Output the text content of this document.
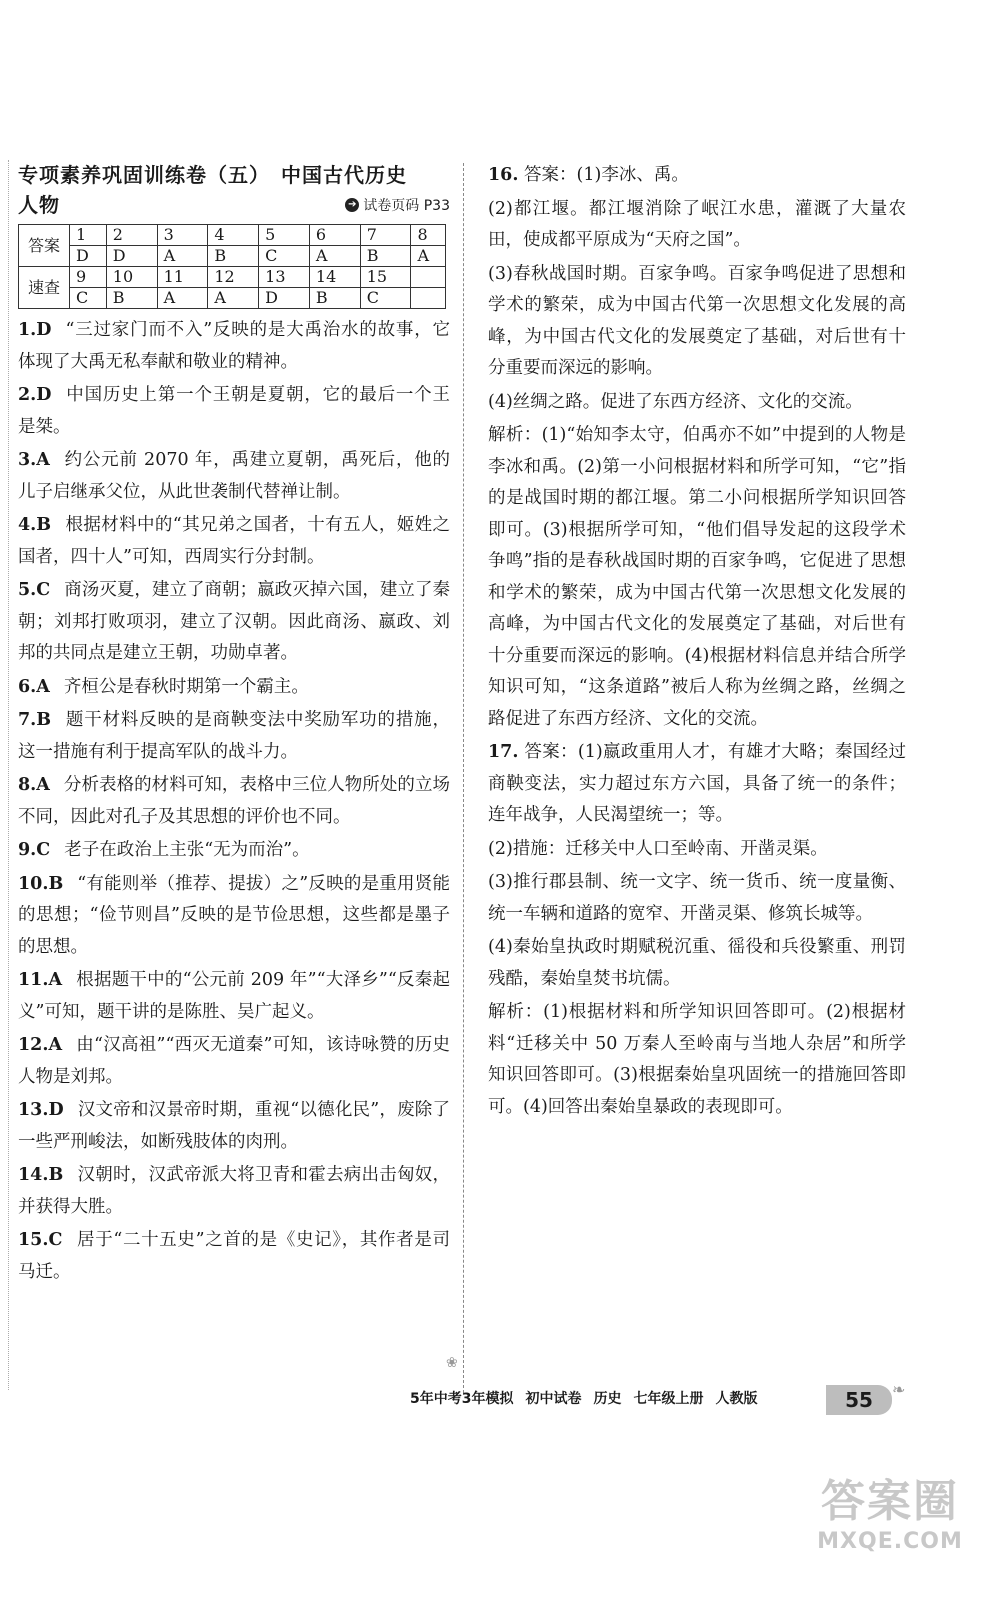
专项素养巩固训练卷（五）　中国古代历史
人物	➔ 试卷页码 P33
答案	1	2	3	4	5	6	7	8
	D	D	A	B	C	A	B	A
速查	9	10	11	12	13	14	15	
	C	B	A	A	D	B	C	

1.D “三过家门而不入”反映的是大禹治水的故事，它体现了大禹无私奉献和敬业的精神。

2.D 中国历史上第一个王朝是夏朝，它的最后一个王是桀。

3.A 约公元前 2070 年，禹建立夏朝，禹死后，他的儿子启继承父位，从此世袭制代替禅让制。

4.B 根据材料中的“其兄弟之国者，十有五人，姬姓之国者，四十人”可知，西周实行分封制。

5.C 商汤灭夏，建立了商朝；嬴政灭掉六国，建立了秦朝；刘邦打败项羽，建立了汉朝。因此商汤、嬴政、刘邦的共同点是建立王朝，功勋卓著。

6.A 齐桓公是春秋时期第一个霸主。

7.B 题干材料反映的是商鞅变法中奖励军功的措施，这一措施有利于提高军队的战斗力。

8.A 分析表格的材料可知，表格中三位人物所处的立场不同，因此对孔子及其思想的评价也不同。

9.C 老子在政治上主张“无为而治”。

10.B “有能则举（推荐、提拔）之”反映的是重用贤能的思想；“俭节则昌”反映的是节俭思想，这些都是墨子的思想。

11.A 根据题干中的“公元前 209 年”“大泽乡”“反秦起义”可知，题干讲的是陈胜、吴广起义。

12.A 由“汉高祖”“西灭无道秦”可知，该诗咏赞的历史人物是刘邦。

13.D 汉文帝和汉景帝时期，重视“以德化民”，废除了一些严刑峻法，如断残肢体的肉刑。

14.B 汉朝时，汉武帝派大将卫青和霍去病出击匈奴，并获得大胜。

15.C 居于“二十五史”之首的是《史记》，其作者是司马迁。

16. 答案：(1)李冰、禹。

(2)都江堰。都江堰消除了岷江水患，灌溉了大量农田，使成都平原成为“天府之国”。

(3)春秋战国时期。百家争鸣。百家争鸣促进了思想和学术的繁荣，成为中国古代第一次思想文化发展的高峰，为中国古代文化的发展奠定了基础，对后世有十分重要而深远的影响。

(4)丝绸之路。促进了东西方经济、文化的交流。

解析：(1)“始知李太守，伯禹亦不如”中提到的人物是李冰和禹。(2)第一小问根据材料和所学可知，“它”指的是战国时期的都江堰。第二小问根据所学知识回答即可。(3)根据所学可知，“他们倡导发起的这段学术争鸣”指的是春秋战国时期的百家争鸣，它促进了思想和学术的繁荣，成为中国古代第一次思想文化发展的高峰，为中国古代文化的发展奠定了基础，对后世有十分重要而深远的影响。(4)根据材料信息并结合所学知识可知，“这条道路”被后人称为丝绸之路，丝绸之路促进了东西方经济、文化的交流。

17. 答案：(1)嬴政重用人才，有雄才大略；秦国经过商鞅变法，实力超过东方六国，具备了统一的条件；连年战争，人民渴望统一；等。

(2)措施：迁移关中人口至岭南、开凿灵渠。

(3)推行郡县制、统一文字、统一货币、统一度量衡、统一车辆和道路的宽窄、开凿灵渠、修筑长城等。

(4)秦始皇执政时期赋税沉重、徭役和兵役繁重、刑罚残酷，秦始皇焚书坑儒。

解析：(1)根据材料和所学知识回答即可。(2)根据材料“迁移关中 50 万秦人至岭南与当地人杂居”和所学知识回答即可。(3)根据秦始皇巩固统一的措施回答即可。(4)回答出秦始皇暴政的表现即可。

❀
5年中考3年模拟 初中试卷 历史 七年级上册 人教版	55	❧
答案圈
MXQE.COM
